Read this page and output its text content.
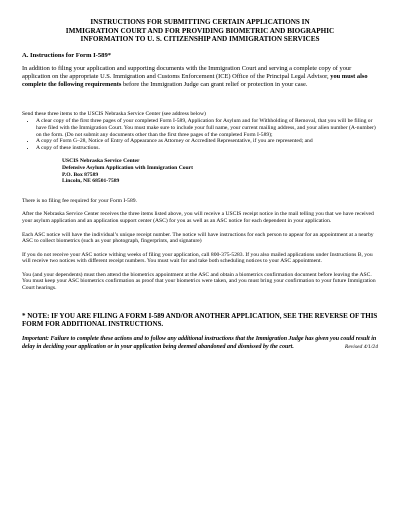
INSTRUCTIONS FOR SUBMITTING CERTAIN APPLICATIONS IN
IMMIGRATION COURT AND FOR PROVIDING BIOMETRIC AND BIOGRAPHIC
INFORMATION TO U. S. CITIZENSHIP AND IMMIGRATION SERVICES
A. Instructions for Form I-589*

In addition to filing your application and supporting documents with the Immigration Court and serving a complete copy of your application on the appropriate U.S. Immigration and Customs Enforcement (ICE) Office of the Principal Legal Advisor, you must also complete the following requirements before the Immigration Judge can grant relief or protection in your case.

Send these three items to the USCIS Nebraska Service Center (see address below)

• A clear copy of the first three pages of your completed Form I-589, Application for Asylum and for Withholding of Removal, that you will be filing or have filed with the Immigration Court. You must make sure to include your full name, your current mailing address, and your alien number (A-number) on the form. (Do not submit any documents other than the first three pages of the completed Form I-589);
• A copy of Form G–28, Notice of Entry of Appearance as Attorney or Accredited Representative, if you are represented; and
• A copy of these instructions.
USCIS Nebraska Service Center
Defensive Asylum Application with Immigration Court
P.O. Box 87589
Lincoln, NE 68501-7589

There is no filing fee required for your Form I-589.

After the Nebraska Service Center receives the three items listed above, you will receive a USCIS receipt notice in the mail telling you that we have received your asylum application and an application support center (ASC) for you as well as an ASC notice for each dependent in your application.

Each ASC notice will have the individual’s unique receipt number. The notice will have instructions for each person to appear for an appointment at a nearby ASC to collect biometrics (such as your photograph, fingerprints, and signature)

If you do not receive your ASC notice withing weeks of filing your application, call 800-375-5283. If you also mailed applications under Instructions B, you will receive two notices with different receipt numbers. You must wait for and take both scheduling notices to your ASC appointment.

You (and your dependents) must then attend the biometrics appointment at the ASC and obtain a biometrics confirmation document before leaving the ASC. You must keep your ASC biometrics confirmation as proof that your biometrics were taken, and you must bring your confirmation to your future Immigration Court hearings.

* NOTE: IF YOU ARE FILING A FORM I-589 AND/OR ANOTHER APPLICATION, SEE THE REVERSE OF THIS FORM FOR ADDITIONAL INSTRUCTIONS.

Important: Failure to complete these actions and to follow any additional instructions that the Immigration Judge has given you could result in delay in deciding your application or in your application being deemed abandoned and dismissed by the court.	Revised 4/1/24
